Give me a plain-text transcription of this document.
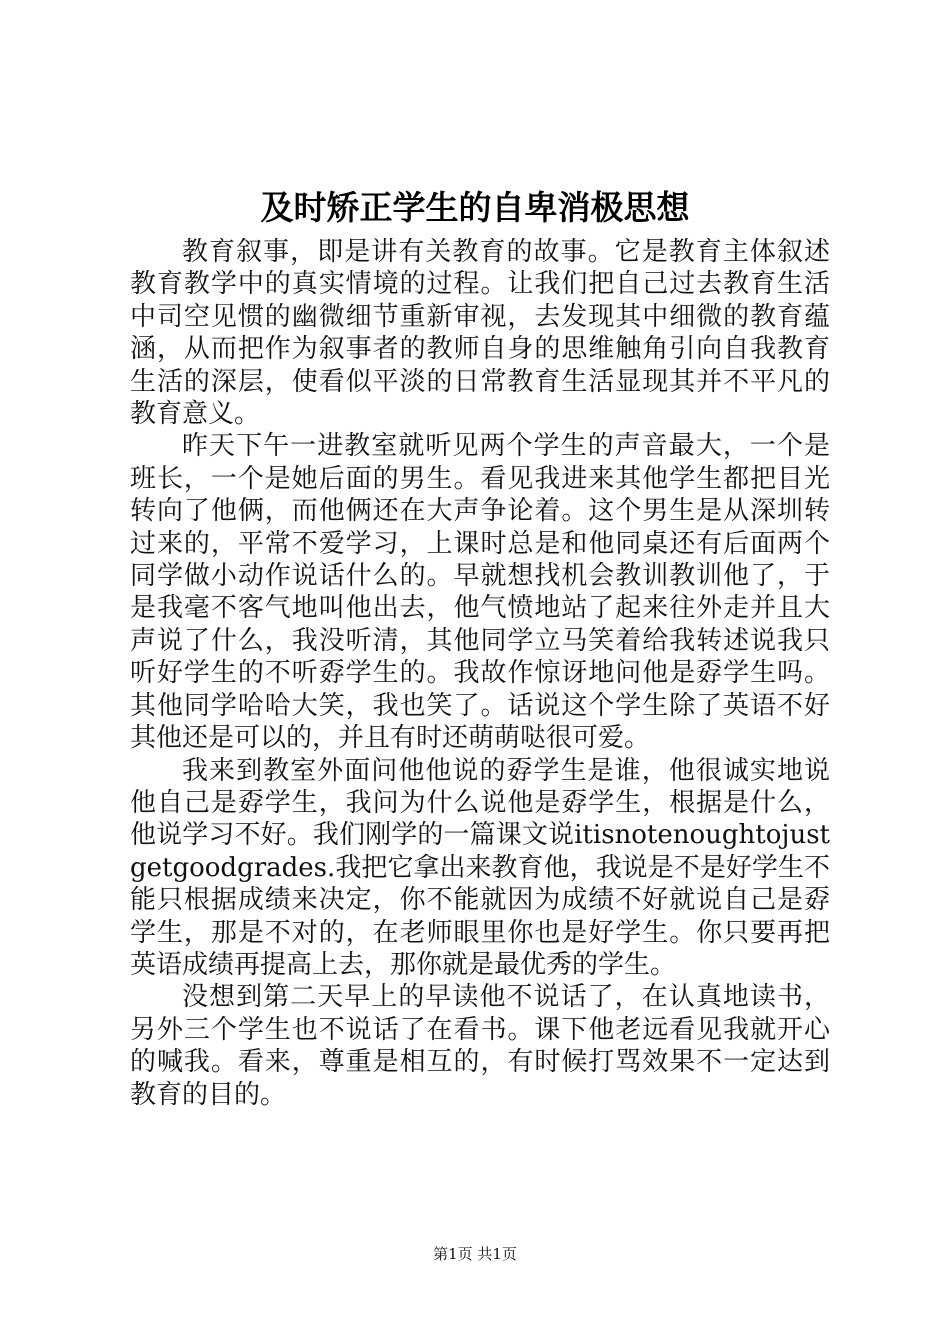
及时矫正学生的自卑消极思想

教育叙事，即是讲有关教育的故事。它是教育主体叙述教育教学中的真实情境的过程。让我们把自己过去教育生活中司空见惯的幽微细节重新审视，去发现其中细微的教育蕴涵，从而把作为叙事者的教师自身的思维触角引向自我教育生活的深层，使看似平淡的日常教育生活显现其并不平凡的教育意义。

昨天下午一进教室就听见两个学生的声音最大，一个是班长，一个是她后面的男生。看见我进来其他学生都把目光转向了他俩，而他俩还在大声争论着。这个男生是从深圳转过来的，平常不爱学习，上课时总是和他同桌还有后面两个同学做小动作说话什么的。早就想找机会教训教训他了，于是我毫不客气地叫他出去，他气愤地站了起来往外走并且大声说了什么，我没听清，其他同学立马笑着给我转述说我只听好学生的不听孬学生的。我故作惊讶地问他是孬学生吗。其他同学哈哈大笑，我也笑了。话说这个学生除了英语不好其他还是可以的，并且有时还萌萌哒很可爱。

我来到教室外面问他他说的孬学生是谁，他很诚实地说他自己是孬学生，我问为什么说他是孬学生，根据是什么，他说学习不好。我们刚学的一篇课文说itisnotenoughtojustgetgoodgrades.我把它拿出来教育他，我说是不是好学生不能只根据成绩来决定，你不能就因为成绩不好就说自己是孬学生，那是不对的，在老师眼里你也是好学生。你只要再把英语成绩再提高上去，那你就是最优秀的学生。

没想到第二天早上的早读他不说话了，在认真地读书，另外三个学生也不说话了在看书。课下他老远看见我就开心的喊我。看来，尊重是相互的，有时候打骂效果不一定达到教育的目的。

第1页 共1页
